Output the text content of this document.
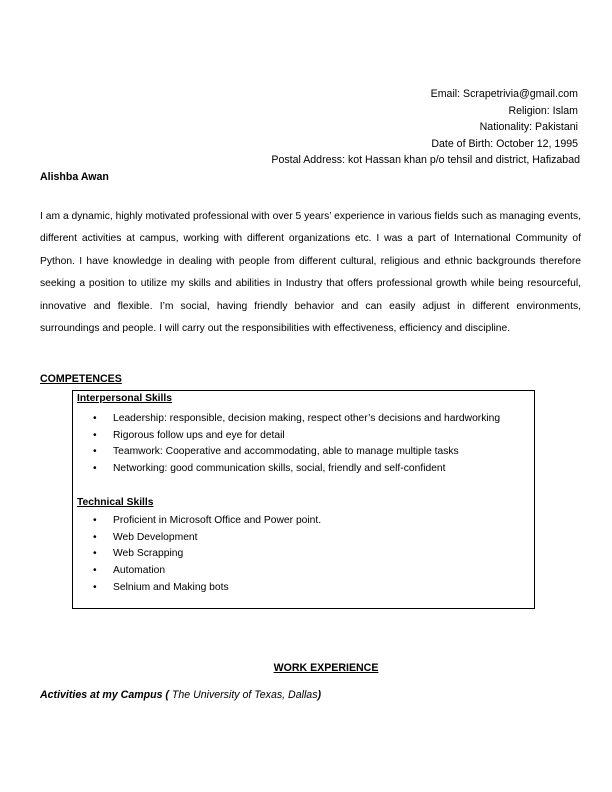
Email: Scrapetrivia@gmail.com
Religion: Islam
Nationality: Pakistani
Date of Birth: October 12, 1995
Postal Address: kot Hassan khan p/o tehsil and district, Hafizabad
Alishba Awan

I am a dynamic, highly motivated professional with over 5 years’ experience in various fields such as managing events, different activities at campus, working with different organizations etc. I was a part of International Community of Python. I have knowledge in dealing with people from different cultural, religious and ethnic backgrounds therefore seeking a position to utilize my skills and abilities in Industry that offers professional growth while being resourceful, innovative and flexible. I’m social, having friendly behavior and can easily adjust in different environments, surroundings and people. I will carry out the responsibilities with effectiveness, efficiency and discipline.

COMPETENCES
Interpersonal Skills
• Leadership: responsible, decision making, respect other’s decisions and hardworking
• Rigorous follow ups and eye for detail
• Teamwork: Cooperative and accommodating, able to manage multiple tasks
• Networking: good communication skills, social, friendly and self-confident
Technical Skills
• Proficient in Microsoft Office and Power point.
• Web Development
• Web Scrapping
• Automation
• Selnium and Making bots
WORK EXPERIENCE
Activities at my Campus ( The University of Texas, Dallas)
